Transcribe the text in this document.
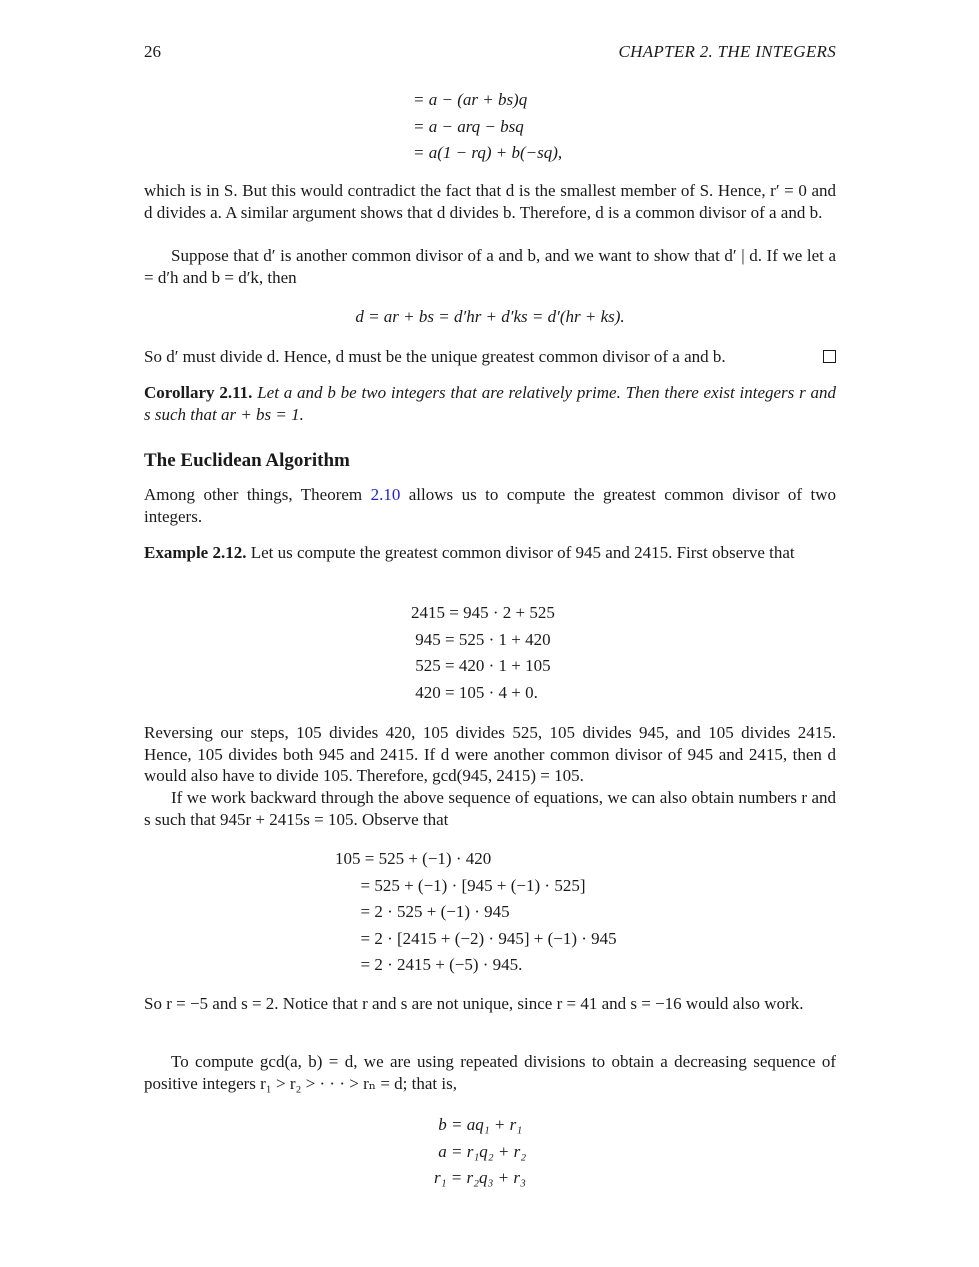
26	CHAPTER 2. THE INTEGERS
= a − (ar + bs)q
= a − arq − bsq
= a(1 − rq) + b(−sq),
which is in S. But this would contradict the fact that d is the smallest member of S. Hence, r′ = 0 and d divides a. A similar argument shows that d divides b. Therefore, d is a common divisor of a and b.
Suppose that d′ is another common divisor of a and b, and we want to show that d′ | d. If we let a = d′h and b = d′k, then
d = ar + bs = d′hr + d′ks = d′(hr + ks).
So d′ must divide d. Hence, d must be the unique greatest common divisor of a and b.
Corollary 2.11. Let a and b be two integers that are relatively prime. Then there exist integers r and s such that ar + bs = 1.
The Euclidean Algorithm
Among other things, Theorem 2.10 allows us to compute the greatest common divisor of two integers.
Example 2.12. Let us compute the greatest common divisor of 945 and 2415. First observe that
2415 = 945 · 2 + 525
945 = 525 · 1 + 420
525 = 420 · 1 + 105
420 = 105 · 4 + 0.
Reversing our steps, 105 divides 420, 105 divides 525, 105 divides 945, and 105 divides 2415. Hence, 105 divides both 945 and 2415. If d were another common divisor of 945 and 2415, then d would also have to divide 105. Therefore, gcd(945, 2415) = 105.
If we work backward through the above sequence of equations, we can also obtain numbers r and s such that 945r + 2415s = 105. Observe that
105 = 525 + (−1) · 420
= 525 + (−1) · [945 + (−1) · 525]
= 2 · 525 + (−1) · 945
= 2 · [2415 + (−2) · 945] + (−1) · 945
= 2 · 2415 + (−5) · 945.
So r = −5 and s = 2. Notice that r and s are not unique, since r = 41 and s = −16 would also work.
To compute gcd(a, b) = d, we are using repeated divisions to obtain a decreasing sequence of positive integers r₁ > r₂ > · · · > rₙ = d; that is,
b = aq₁ + r₁
a = r₁q₂ + r₂
r₁ = r₂q₃ + r₃
